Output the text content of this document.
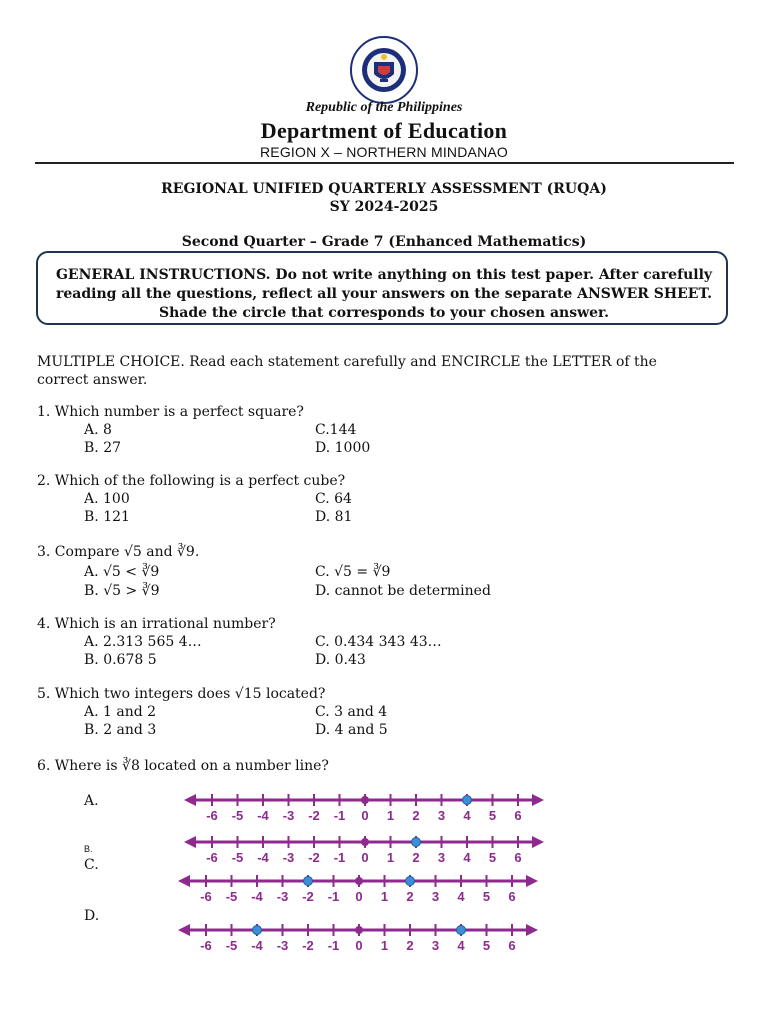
Republic of the Philippines
Department of Education
REGION X – NORTHERN MINDANAO
REGIONAL UNIFIED QUARTERLY ASSESSMENT (RUQA)
SY 2024-2025
Second Quarter – Grade 7 (Enhanced Mathematics)
GENERAL INSTRUCTIONS. Do not write anything on this test paper. After carefully
reading all the questions, reflect all your answers on the separate ANSWER SHEET.
Shade the circle that corresponds to your chosen answer.
MULTIPLE CHOICE. Read each statement carefully and ENCIRCLE the LETTER of the
correct answer.
1. Which number is a perfect square?
A. 8
B. 27
C.144
D. 1000
2. Which of the following is a perfect cube?
A. 100
B. 121
C. 64
D. 81
3. Compare √5 and ∛9.
A. √5 < ∛9
B. √5 > ∛9
C. √5 = ∛9
D. cannot be determined
4. Which is an irrational number?
A. 2.313 565 4…
B. 0.678 5
C. 0.434 343 43…
D. 0.43
5. Which two integers does √15 located?
A. 1 and 2
B. 2 and 3
C. 3 and 4
D. 4 and 5
6. Where is ∛8 located on a number line?
A.
B.
C.
D.
-6 -5 -4 -3 -2 -1 0 1 2 3 4 5 6
-6 -5 -4 -3 -2 -1 0 1 2 3 4 5 6
-6 -5 -4 -3 -2 -1 0 1 2 3 4 5 6
-6 -5 -4 -3 -2 -1 0 1 2 3 4 5 6
